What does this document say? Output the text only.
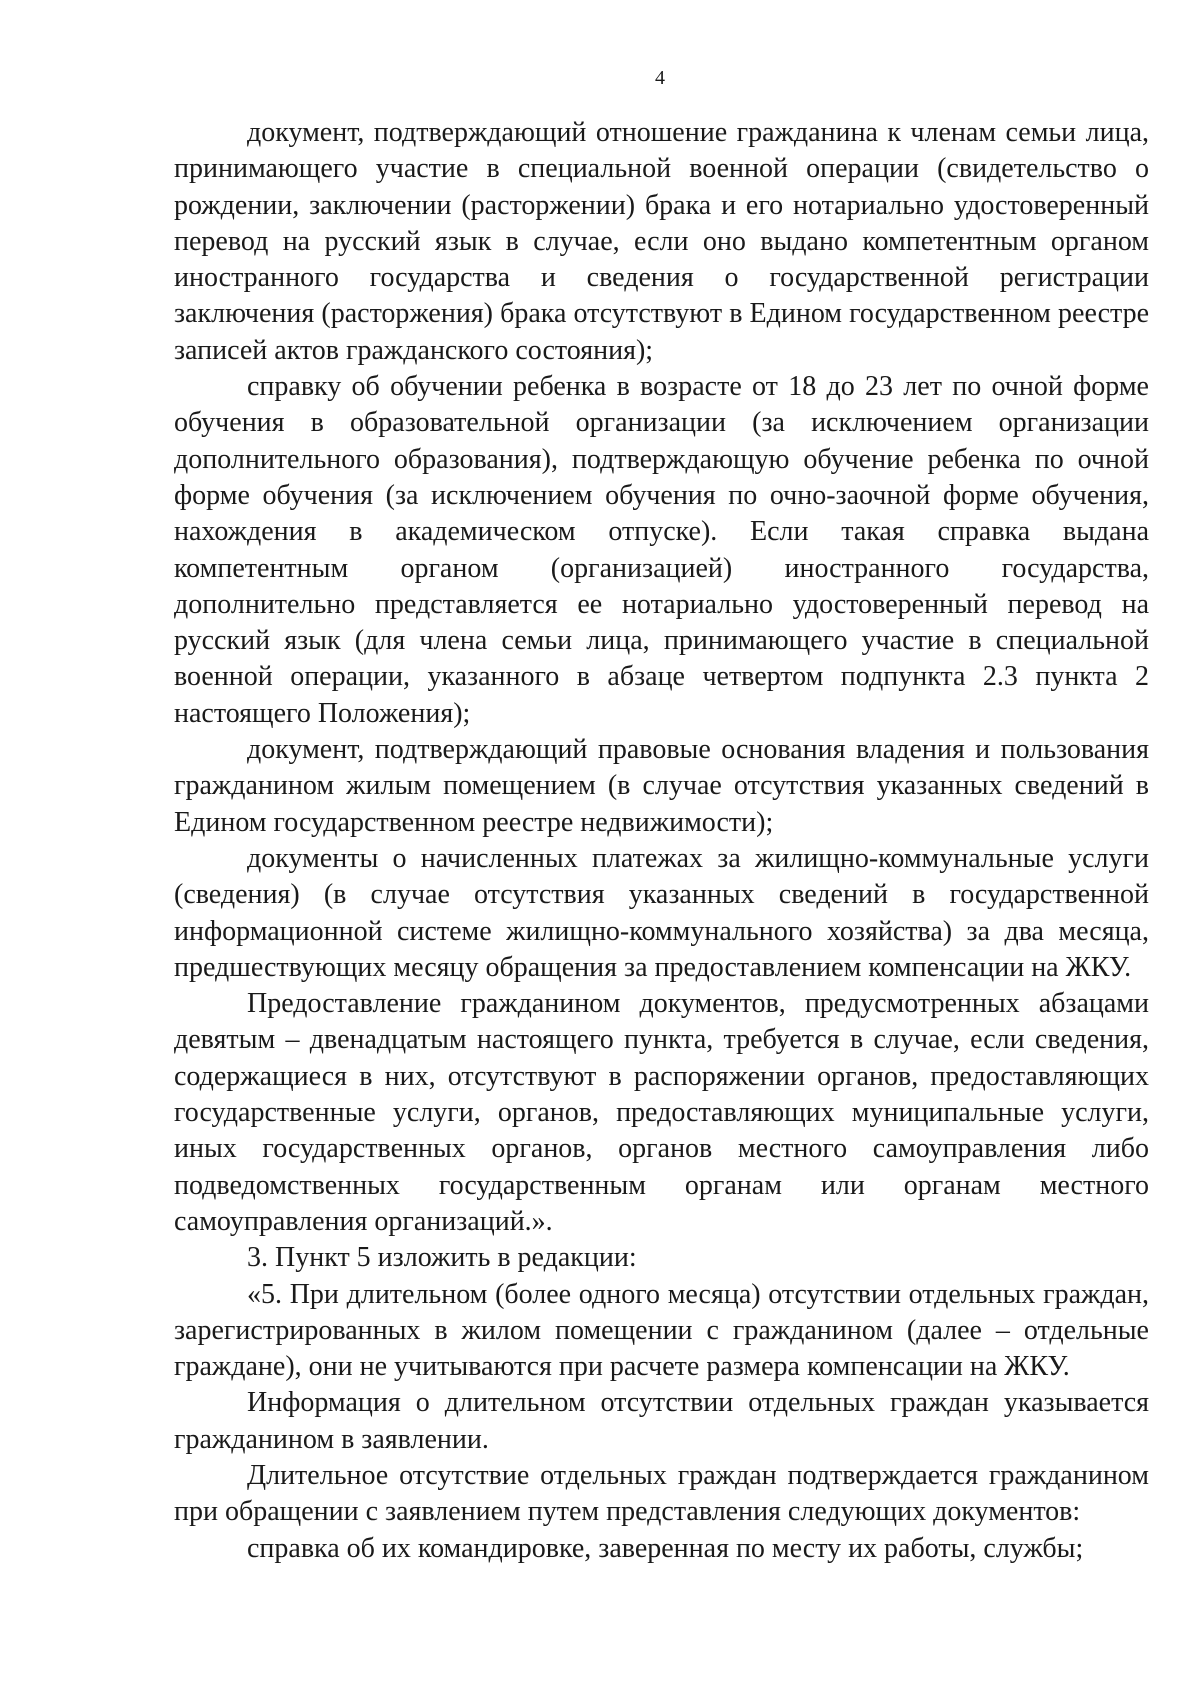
4

документ, подтверждающий отношение гражданина к членам семьи лица, принимающего участие в специальной военной операции (свидетельство о рождении, заключении (расторжении) брака и его нотариально удостоверенный перевод на русский язык в случае, если оно выдано компетентным органом иностранного государства и сведения о государственной регистрации заключения (расторжения) брака отсутствуют в Едином государственном реестре записей актов гражданского состояния);

справку об обучении ребенка в возрасте от 18 до 23 лет по очной форме обучения в образовательной организации (за исключением организации дополнительного образования), подтверждающую обучение ребенка по очной форме обучения (за исключением обучения по очно-заочной форме обучения, нахождения в академическом отпуске). Если такая справка выдана компетентным органом (организацией) иностранного государства, дополнительно представляется ее нотариально удостоверенный перевод на русский язык (для члена семьи лица, принимающего участие в специальной военной операции, указанного в абзаце четвертом подпункта 2.3 пункта 2 настоящего Положения);

документ, подтверждающий правовые основания владения и пользования гражданином жилым помещением (в случае отсутствия указанных сведений в Едином государственном реестре недвижимости);

документы о начисленных платежах за жилищно-коммунальные услуги (сведения) (в случае отсутствия указанных сведений в государственной информационной системе жилищно-коммунального хозяйства) за два месяца, предшествующих месяцу обращения за предоставлением компенсации на ЖКУ.

Предоставление гражданином документов, предусмотренных абзацами девятым – двенадцатым настоящего пункта, требуется в случае, если сведения, содержащиеся в них, отсутствуют в распоряжении органов, предоставляющих государственные услуги, органов, предоставляющих муниципальные услуги, иных государственных органов, органов местного самоуправления либо подведомственных государственным органам или органам местного самоуправления организаций.».

3. Пункт 5 изложить в редакции:

«5. При длительном (более одного месяца) отсутствии отдельных граждан, зарегистрированных в жилом помещении с гражданином (далее – отдельные граждане), они не учитываются при расчете размера компенсации на ЖКУ.

Информация о длительном отсутствии отдельных граждан указывается гражданином в заявлении.

Длительное отсутствие отдельных граждан подтверждается гражданином при обращении с заявлением путем представления следующих документов:

справка об их командировке, заверенная по месту их работы, службы;
